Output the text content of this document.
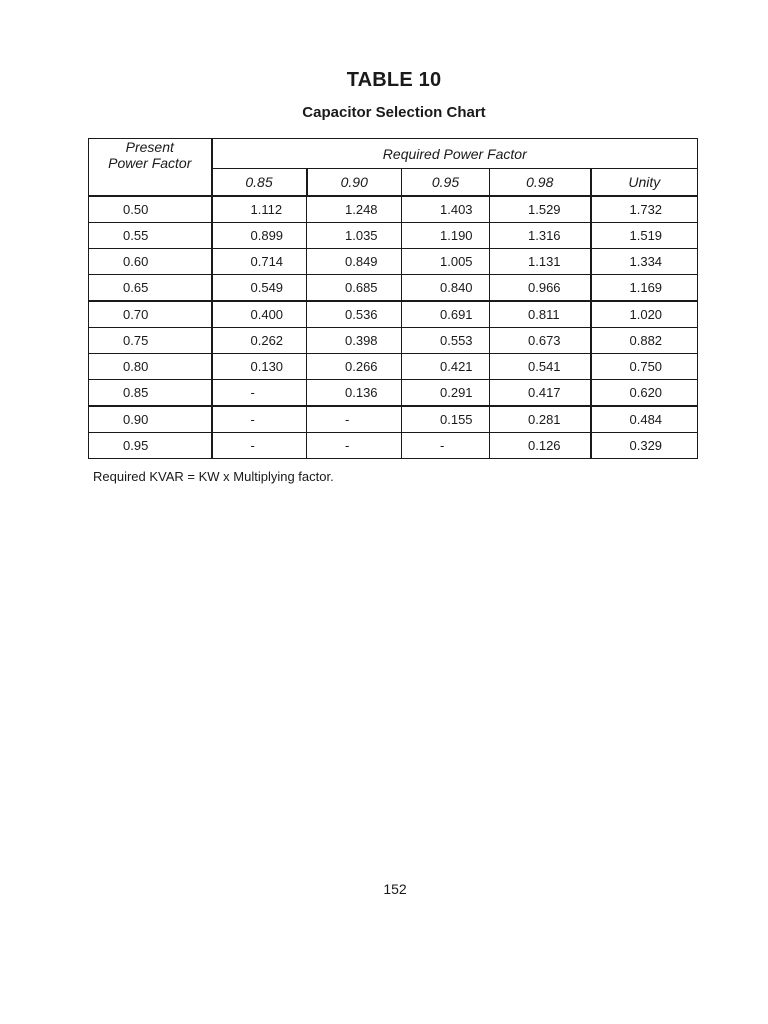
TABLE 10
Capacitor Selection Chart
Present
Power Factor	Required Power Factor				
	0.85	0.90	0.95	0.98	Unity
0.50	1.112	1.248	1.403	1.529	1.732
0.55	0.899	1.035	1.190	1.316	1.519
0.60	0.714	0.849	1.005	1.131	1.334
0.65	0.549	0.685	0.840	0.966	1.169
0.70	0.400	0.536	0.691	0.811	1.020
0.75	0.262	0.398	0.553	0.673	0.882
0.80	0.130	0.266	0.421	0.541	0.750
0.85	-	0.136	0.291	0.417	0.620
0.90	-	-	0.155	0.281	0.484
0.95	-	-	-	0.126	0.329

Required KVAR = KW x Multiplying factor.

152
